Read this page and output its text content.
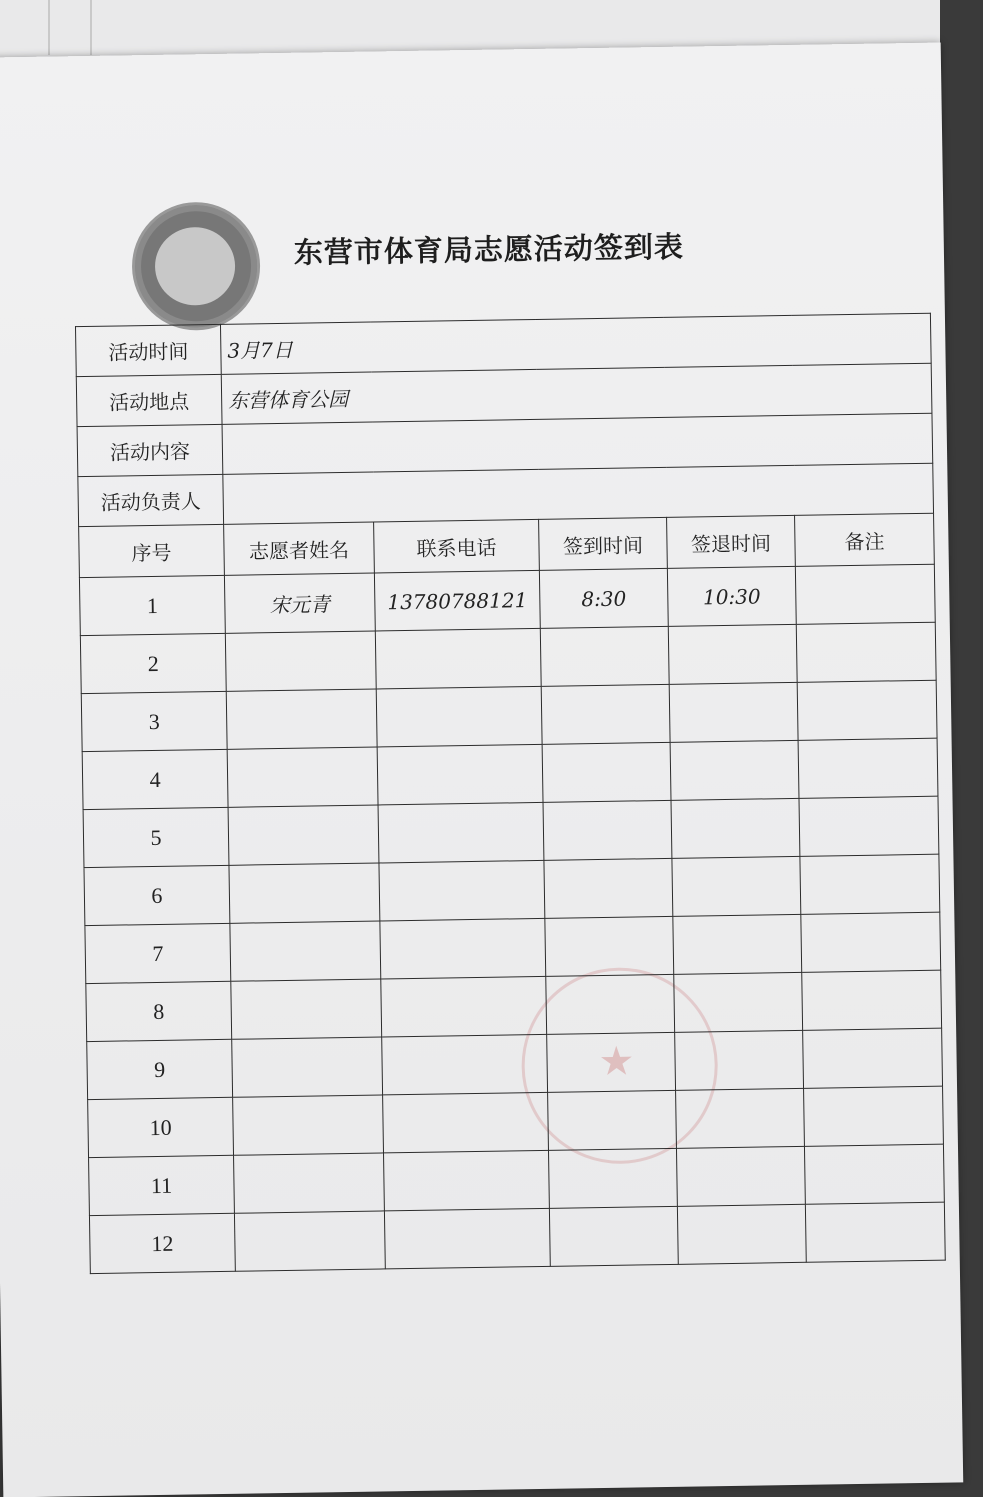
东营市体育局志愿活动签到表
★
活动时间	3月7日				
活动地点	东营体育公园				
活动内容					
活动负责人					
序号	志愿者姓名	联系电话	签到时间	签退时间	备注
1	宋元青	13780788121	8:30	10:30	
2					
3					
4					
5					
6					
7					
8					
9					
10					
11					
12					
